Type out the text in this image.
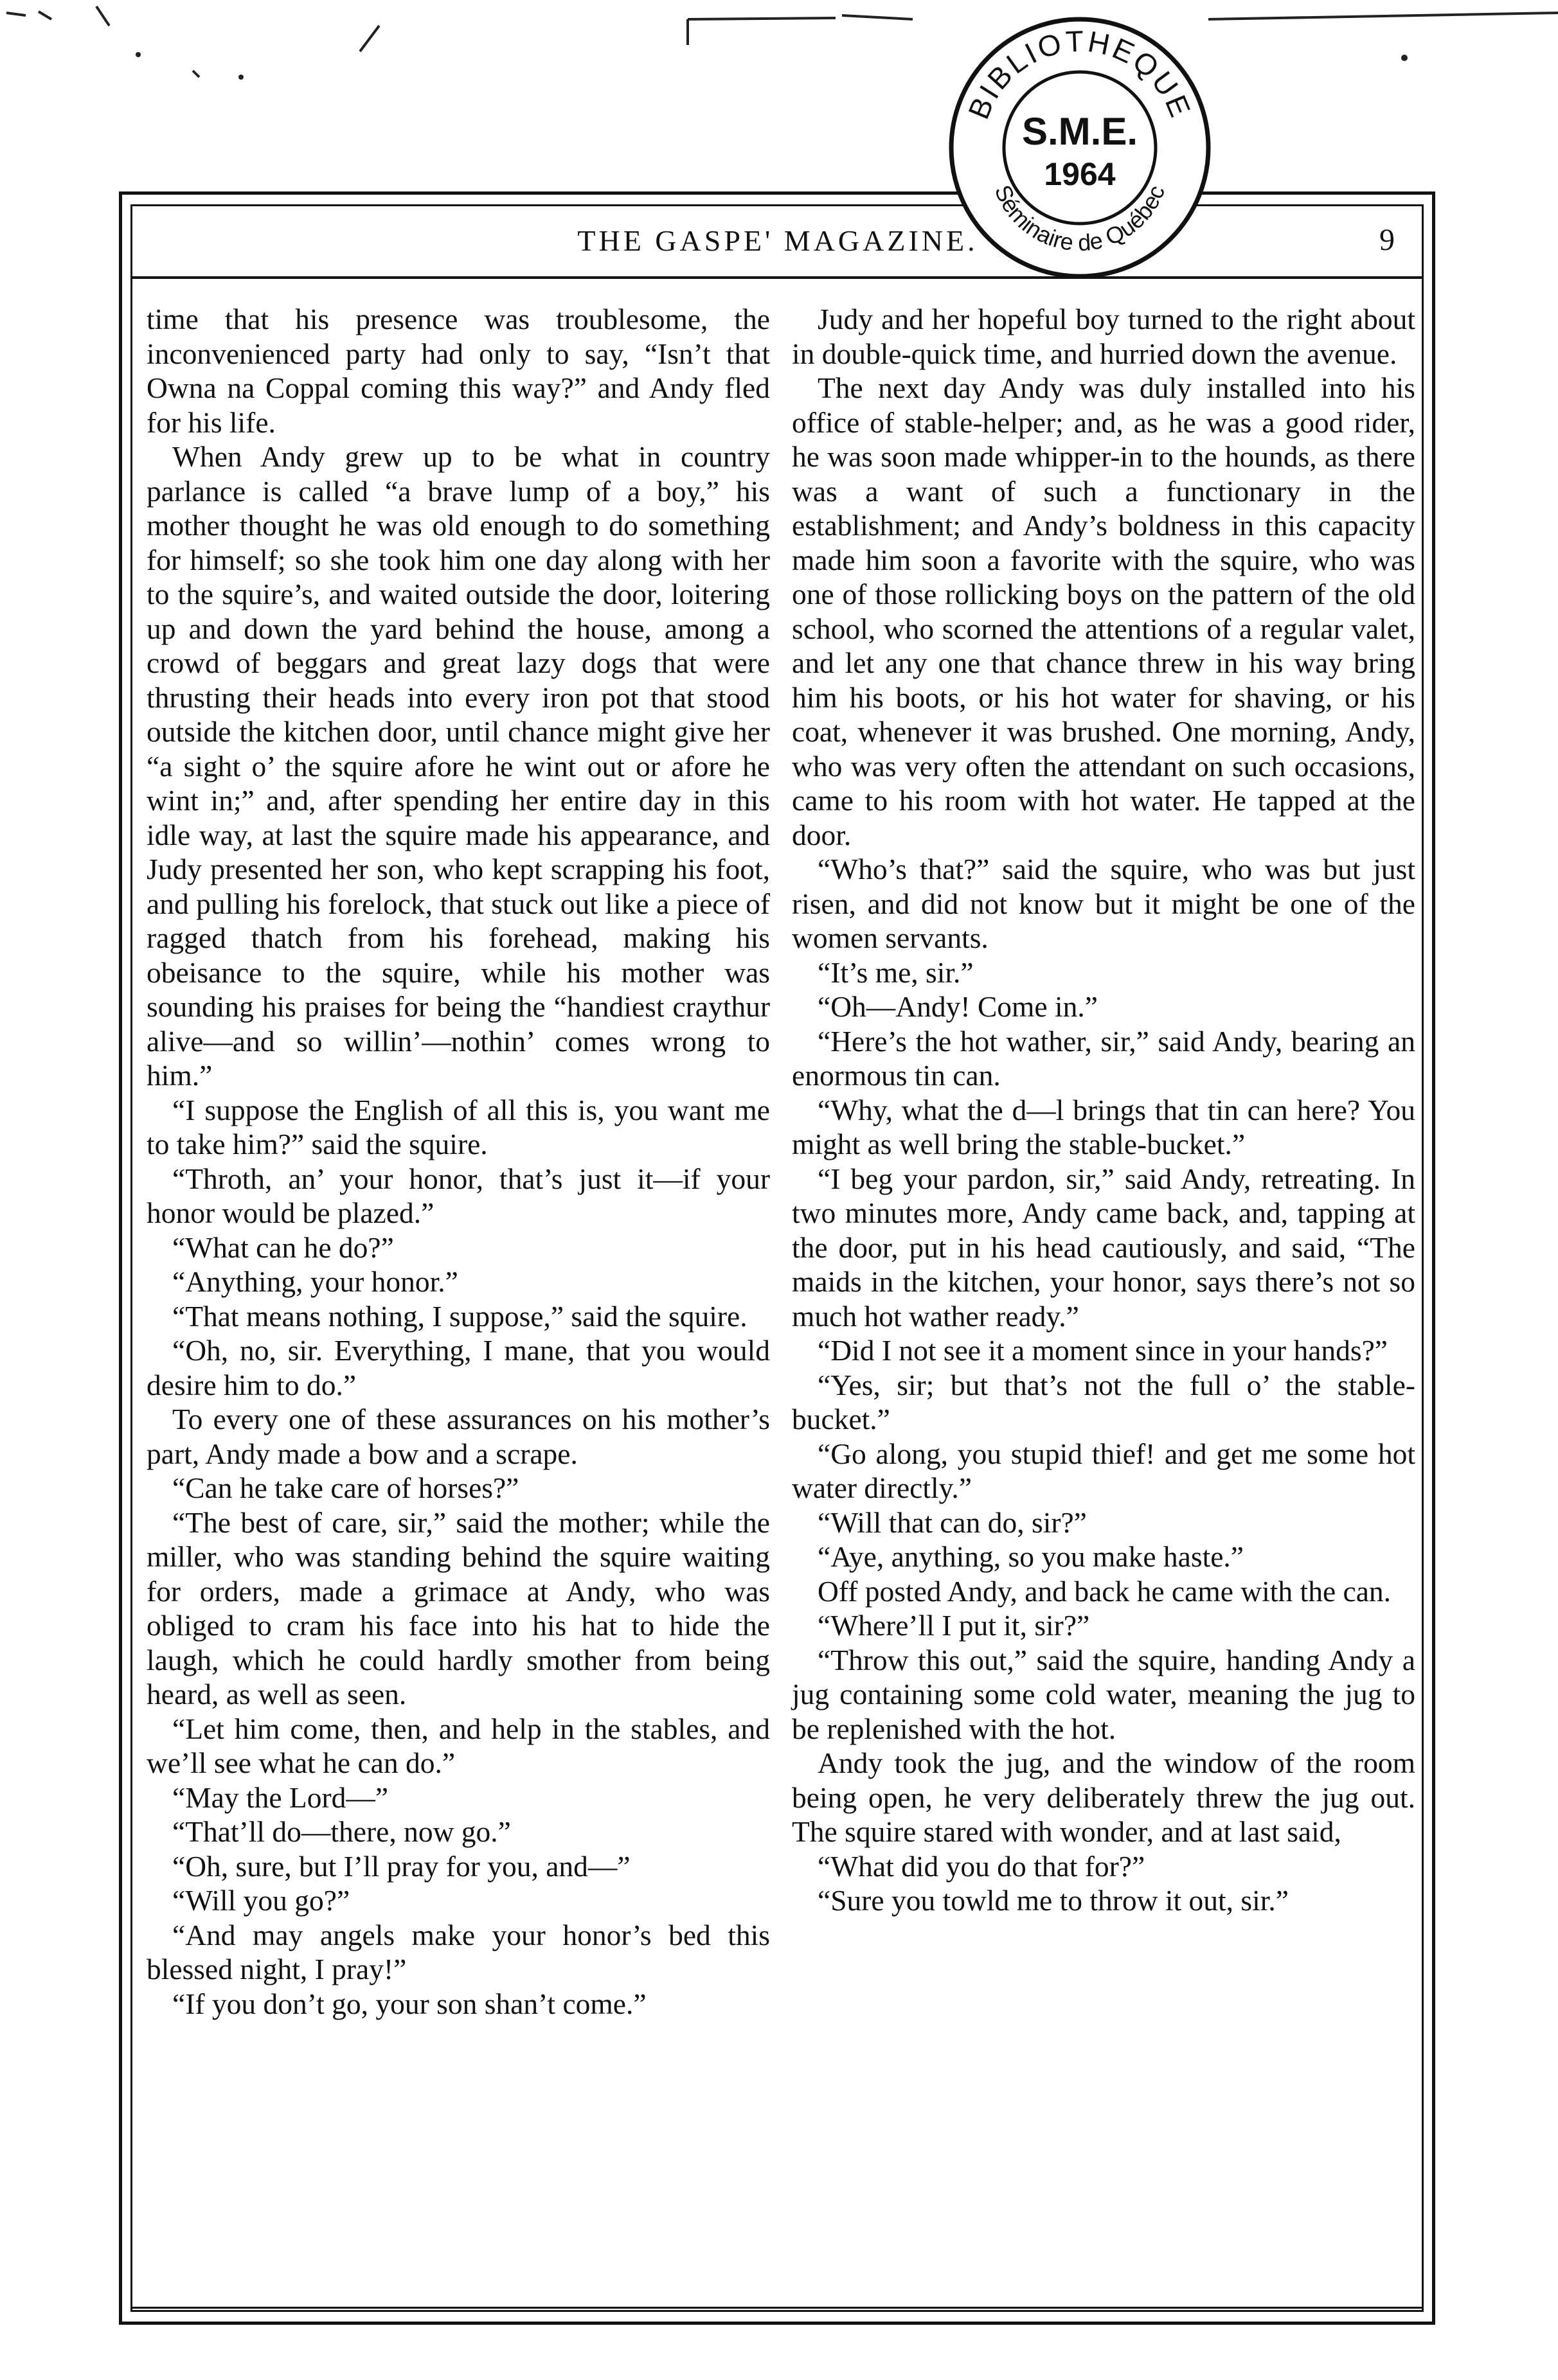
THE GASPE' MAGAZINE.	9

time that his presence was troublesome, the inconvenienced party had only to say, “Isn’t that Owna na Coppal coming this way?” and Andy fled for his life.

When Andy grew up to be what in country parlance is called “a brave lump of a boy,” his mother thought he was old enough to do something for himself; so she took him one day along with her to the squire’s, and waited outside the door, loitering up and down the yard behind the house, among a crowd of beggars and great lazy dogs that were thrusting their heads into every iron pot that stood outside the kitchen door, until chance might give her “a sight o’ the squire afore he wint out or afore he wint in;” and, after spending her entire day in this idle way, at last the squire made his appearance, and Judy presented her son, who kept scrapping his foot, and pulling his forelock, that stuck out like a piece of ragged thatch from his forehead, making his obeisance to the squire, while his mother was sounding his praises for being the “handiest craythur alive—and so willin’—nothin’ comes wrong to him.”

“I suppose the English of all this is, you want me to take him?” said the squire.

“Throth, an’ your honor, that’s just it—if your honor would be plazed.”

“What can he do?”

“Anything, your honor.”

“That means nothing, I suppose,” said the squire.

“Oh, no, sir. Everything, I mane, that you would desire him to do.”

To every one of these assurances on his mother’s part, Andy made a bow and a scrape.

“Can he take care of horses?”

“The best of care, sir,” said the mother; while the miller, who was standing behind the squire waiting for orders, made a grimace at Andy, who was obliged to cram his face into his hat to hide the laugh, which he could hardly smother from being heard, as well as seen.

“Let him come, then, and help in the stables, and we’ll see what he can do.”

“May the Lord—”

“That’ll do—there, now go.”

“Oh, sure, but I’ll pray for you, and—”

“Will you go?”

“And may angels make your honor’s bed this blessed night, I pray!”

“If you don’t go, your son shan’t come.”

Judy and her hopeful boy turned to the right about in double-quick time, and hurried down the avenue.

The next day Andy was duly installed into his office of stable-helper; and, as he was a good rider, he was soon made whipper-in to the hounds, as there was a want of such a functionary in the establishment; and Andy’s boldness in this capacity made him soon a favorite with the squire, who was one of those rollicking boys on the pattern of the old school, who scorned the attentions of a regular valet, and let any one that chance threw in his way bring him his boots, or his hot water for shaving, or his coat, whenever it was brushed. One morning, Andy, who was very often the attendant on such occasions, came to his room with hot water. He tapped at the door.

“Who’s that?” said the squire, who was but just risen, and did not know but it might be one of the women servants.

“It’s me, sir.”

“Oh—Andy! Come in.”

“Here’s the hot wather, sir,” said Andy, bearing an enormous tin can.

“Why, what the d—l brings that tin can here? You might as well bring the stable-bucket.”

“I beg your pardon, sir,” said Andy, retreating. In two minutes more, Andy came back, and, tapping at the door, put in his head cautiously, and said, “The maids in the kitchen, your honor, says there’s not so much hot wather ready.”

“Did I not see it a moment since in your hands?”

“Yes, sir; but that’s not the full o’ the stable-bucket.”

“Go along, you stupid thief! and get me some hot water directly.”

“Will that can do, sir?”

“Aye, anything, so you make haste.”

Off posted Andy, and back he came with the can.

“Where’ll I put it, sir?”

“Throw this out,” said the squire, handing Andy a jug containing some cold water, meaning the jug to be replenished with the hot.

Andy took the jug, and the window of the room being open, he very deliberately threw the jug out. The squire stared with wonder, and at last said,

“What did you do that for?”

“Sure you towld me to throw it out, sir.”

BIBLIOTHEQUE
Séminaire de Québec
S.M.E.
1964
